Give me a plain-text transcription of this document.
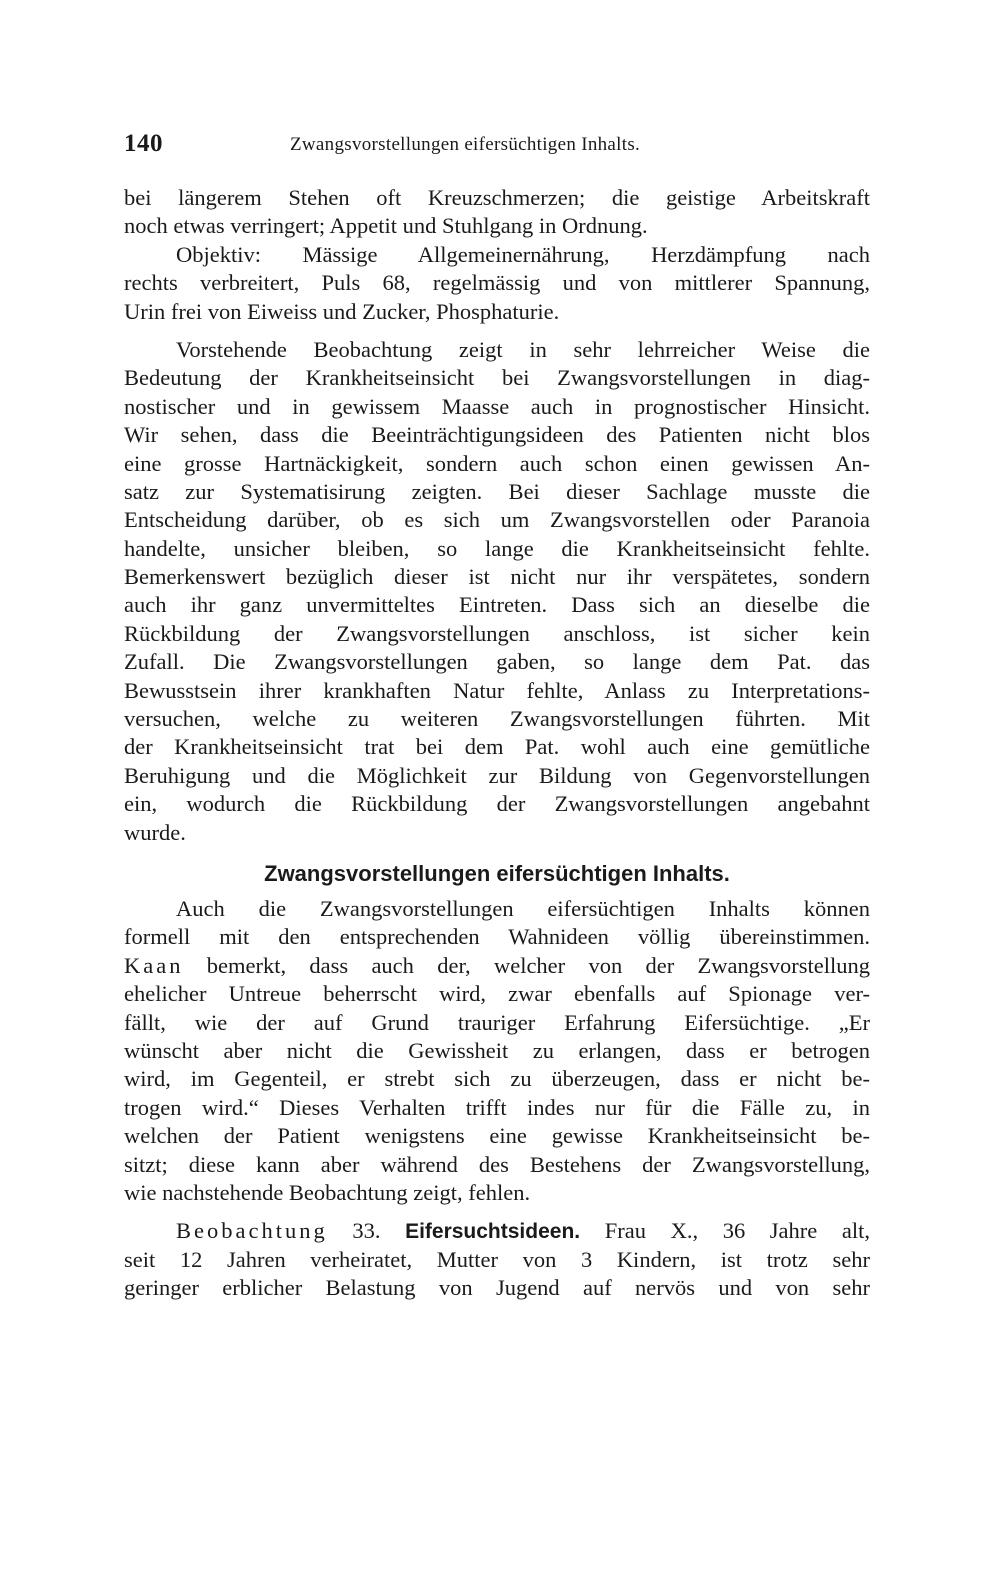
140	Zwangsvorstellungen eifersüchtigen Inhalts.
bei längerem Stehen oft Kreuzschmerzen; die geistige Arbeitskraft
noch etwas verringert; Appetit und Stuhlgang in Ordnung.
Objektiv: Mässige Allgemeinernährung, Herzdämpfung nach
rechts verbreitert, Puls 68, regelmässig und von mittlerer Spannung,
Urin frei von Eiweiss und Zucker, Phosphaturie.
Vorstehende Beobachtung zeigt in sehr lehrreicher Weise die
Bedeutung der Krankheitseinsicht bei Zwangsvorstellungen in diag-
nostischer und in gewissem Maasse auch in prognostischer Hinsicht.
Wir sehen, dass die Beeinträchtigungsideen des Patienten nicht blos
eine grosse Hartnäckigkeit, sondern auch schon einen gewissen An-
satz zur Systematisirung zeigten. Bei dieser Sachlage musste die
Entscheidung darüber, ob es sich um Zwangsvorstellen oder Paranoia
handelte, unsicher bleiben, so lange die Krankheitseinsicht fehlte.
Bemerkenswert bezüglich dieser ist nicht nur ihr verspätetes, sondern
auch ihr ganz unvermitteltes Eintreten. Dass sich an dieselbe die
Rückbildung der Zwangsvorstellungen anschloss, ist sicher kein
Zufall. Die Zwangsvorstellungen gaben, so lange dem Pat. das
Bewusstsein ihrer krankhaften Natur fehlte, Anlass zu Interpretations-
versuchen, welche zu weiteren Zwangsvorstellungen führten. Mit
der Krankheitseinsicht trat bei dem Pat. wohl auch eine gemütliche
Beruhigung und die Möglichkeit zur Bildung von Gegenvorstellungen
ein, wodurch die Rückbildung der Zwangsvorstellungen angebahnt
wurde.
Zwangsvorstellungen eifersüchtigen Inhalts.
Auch die Zwangsvorstellungen eifersüchtigen Inhalts können
formell mit den entsprechenden Wahnideen völlig übereinstimmen.
Kaan bemerkt, dass auch der, welcher von der Zwangsvorstellung
ehelicher Untreue beherrscht wird, zwar ebenfalls auf Spionage ver-
fällt, wie der auf Grund trauriger Erfahrung Eifersüchtige. „Er
wünscht aber nicht die Gewissheit zu erlangen, dass er betrogen
wird, im Gegenteil, er strebt sich zu überzeugen, dass er nicht be-
trogen wird.“ Dieses Verhalten trifft indes nur für die Fälle zu, in
welchen der Patient wenigstens eine gewisse Krankheitseinsicht be-
sitzt; diese kann aber während des Bestehens der Zwangsvorstellung,
wie nachstehende Beobachtung zeigt, fehlen.
Beobachtung 33. Eifersuchtsideen. Frau X., 36 Jahre alt,
seit 12 Jahren verheiratet, Mutter von 3 Kindern, ist trotz sehr
geringer erblicher Belastung von Jugend auf nervös und von sehr
